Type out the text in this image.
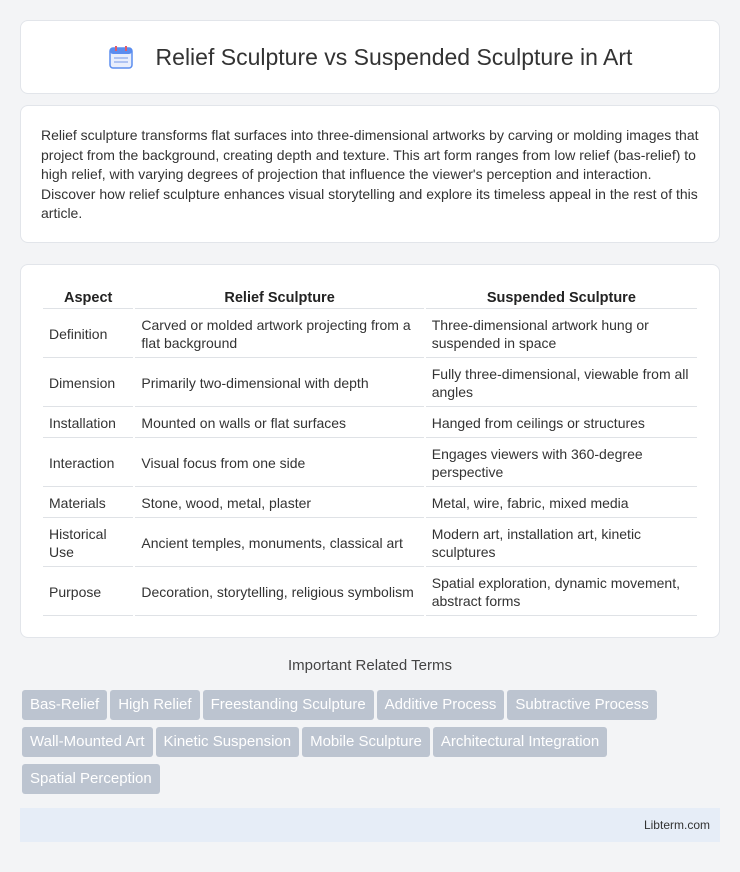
Relief Sculpture vs Suspended Sculpture in Art

Relief sculpture transforms flat surfaces into three-dimensional artworks by carving or molding images that project from the background, creating depth and texture. This art form ranges from low relief (bas-relief) to high relief, with varying degrees of projection that influence the viewer's perception and interaction. Discover how relief sculpture enhances visual storytelling and explore its timeless appeal in the rest of this article.

Aspect	Relief Sculpture	Suspended Sculpture
Definition	Carved or molded artwork projecting from a flat background	Three-dimensional artwork hung or suspended in space
Dimension	Primarily two-dimensional with depth	Fully three-dimensional, viewable from all angles
Installation	Mounted on walls or flat surfaces	Hanged from ceilings or structures
Interaction	Visual focus from one side	Engages viewers with 360-degree perspective
Materials	Stone, wood, metal, plaster	Metal, wire, fabric, mixed media
Historical Use	Ancient temples, monuments, classical art	Modern art, installation art, kinetic sculptures
Purpose	Decoration, storytelling, religious symbolism	Spatial exploration, dynamic movement, abstract forms
Important Related Terms
Bas-Relief High Relief Freestanding Sculpture Additive Process Subtractive Process
Wall-Mounted Art Kinetic Suspension Mobile Sculpture Architectural Integration
Spatial Perception
Libterm.com
